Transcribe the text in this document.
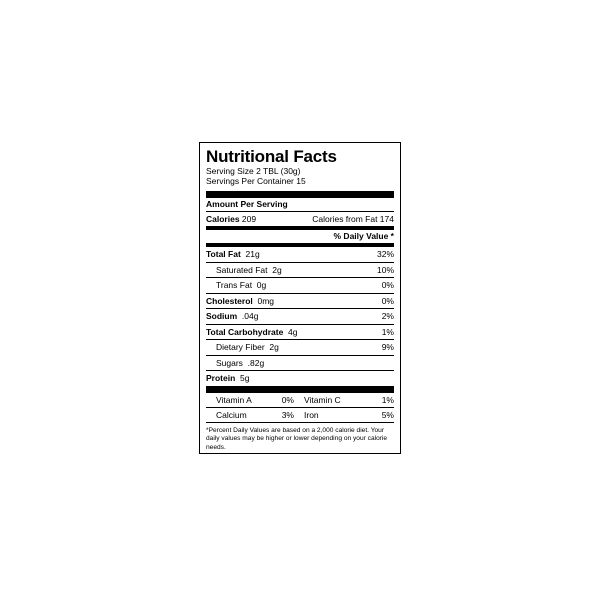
Nutritional Facts
Serving Size 2 TBL (30g)
Servings Per Container 15
Amount Per Serving
Calories 209	Calories from Fat 174
% Daily Value *
Total Fat 21g	32%
Saturated Fat 2g	10%
Trans Fat 0g	0%
Cholesterol 0mg	0%
Sodium .04g	2%
Total Carbohydrate 4g	1%
Dietary Fiber 2g	9%
Sugars .82g
Protein 5g
Vitamin A	0% Vitamin C	1%
Calcium	3% Iron	5%
*Percent Daily Values are based on a 2,000 calorie diet. Your daily values may be higher or lower depending on your calorie needs.
